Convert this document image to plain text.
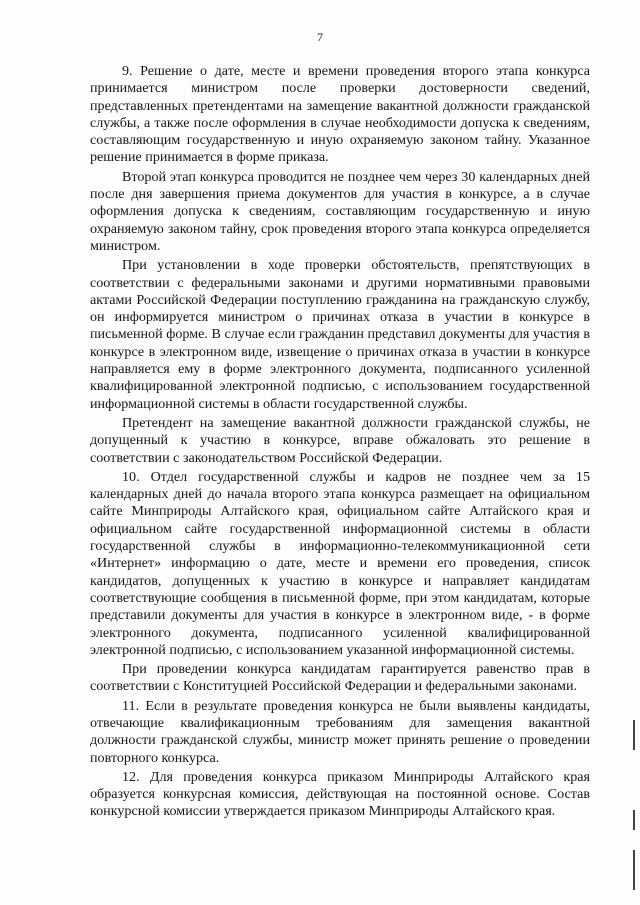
7

9. Решение о дате, месте и времени проведения второго этапа конкурса принимается министром после проверки достоверности сведений, представленных претендентами на замещение вакантной должности гражданской службы, а также после оформления в случае необходимости допуска к сведениям, составляющим государственную и иную охраняемую законом тайну. Указанное решение принимается в форме приказа.

Второй этап конкурса проводится не позднее чем через 30 календарных дней после дня завершения приема документов для участия в конкурсе, а в случае оформления допуска к сведениям, составляющим государственную и иную охраняемую законом тайну, срок проведения второго этапа конкурса определяется министром.

При установлении в ходе проверки обстоятельств, препятствующих в соответствии с федеральными законами и другими нормативными правовыми актами Российской Федерации поступлению гражданина на гражданскую службу, он информируется министром о причинах отказа в участии в конкурсе в письменной форме. В случае если гражданин представил документы для участия в конкурсе в электронном виде, извещение о причинах отказа в участии в конкурсе направляется ему в форме электронного документа, подписанного усиленной квалифицированной электронной подписью, с использованием государственной информационной системы в области государственной службы.

Претендент на замещение вакантной должности гражданской службы, не допущенный к участию в конкурсе, вправе обжаловать это решение в соответствии с законодательством Российской Федерации.

10. Отдел государственной службы и кадров не позднее чем за 15 календарных дней до начала второго этапа конкурса размещает на официальном сайте Минприроды Алтайского края, официальном сайте Алтайского края и официальном сайте государственной информационной системы в области государственной службы в информационно-телекоммуникационной сети «Интернет» информацию о дате, месте и времени его проведения, список кандидатов, допущенных к участию в конкурсе и направляет кандидатам соответствующие сообщения в письменной форме, при этом кандидатам, которые представили документы для участия в конкурсе в электронном виде, - в форме электронного документа, подписанного усиленной квалифицированной электронной подписью, с использованием указанной информационной системы.

При проведении конкурса кандидатам гарантируется равенство прав в соответствии с Конституцией Российской Федерации и федеральными законами.

11. Если в результате проведения конкурса не были выявлены кандидаты, отвечающие квалификационным требованиям для замещения вакантной должности гражданской службы, министр может принять решение о проведении повторного конкурса.

12. Для проведения конкурса приказом Минприроды Алтайского края образуется конкурсная комиссия, действующая на постоянной основе. Состав конкурсной комиссии утверждается приказом Минприроды Алтайского края.
